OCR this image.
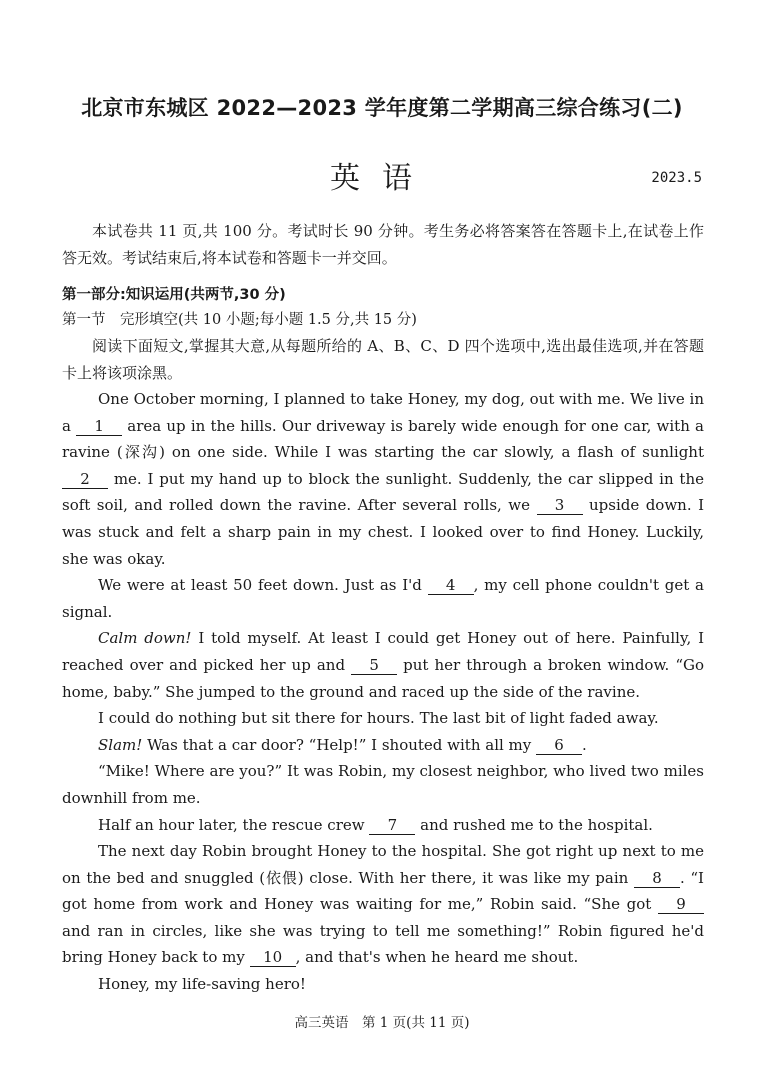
北京市东城区 2022—2023 学年度第二学期高三综合练习(二)
英语	2023.5
本试卷共 11 页,共 100 分。考试时长 90 分钟。考生务必将答案答在答题卡上,在试卷上作答无效。考试结束后,将本试卷和答题卡一并交回。
第一部分:知识运用(共两节,30 分)
第一节　完形填空(共 10 小题;每小题 1.5 分,共 15 分)
阅读下面短文,掌握其大意,从每题所给的 A、B、C、D 四个选项中,选出最佳选项,并在答题卡上将该项涂黑。

One October morning, I planned to take Honey, my dog, out with me. We live in a 1 area up in the hills. Our driveway is barely wide enough for one car, with a ravine (深沟) on one side. While I was starting the car slowly, a flash of sunlight 2 me. I put my hand up to block the sunlight. Suddenly, the car slipped in the soft soil, and rolled down the ravine. After several rolls, we 3 upside down. I was stuck and felt a sharp pain in my chest. I looked over to find Honey. Luckily, she was okay.

We were at least 50 feet down. Just as I'd 4 , my cell phone couldn't get a signal.

Calm down! I told myself. At least I could get Honey out of here. Painfully, I reached over and picked her up and 5 put her through a broken window. “Go home, baby.” She jumped to the ground and raced up the side of the ravine.

I could do nothing but sit there for hours. The last bit of light faded away.

Slam! Was that a car door? “Help!” I shouted with all my 6 .

“Mike! Where are you?” It was Robin, my closest neighbor, who lived two miles downhill from me.

Half an hour later, the rescue crew 7 and rushed me to the hospital.

The next day Robin brought Honey to the hospital. She got right up next to me on the bed and snuggled (依偎) close. With her there, it was like my pain 8 . “I got home from work and Honey was waiting for me,” Robin said. “She got 9 and ran in circles, like she was trying to tell me something!” Robin figured he'd bring Honey back to my 10 , and that's when he heard me shout.

Honey, my life-saving hero!

高三英语　第 1 页(共 11 页)
